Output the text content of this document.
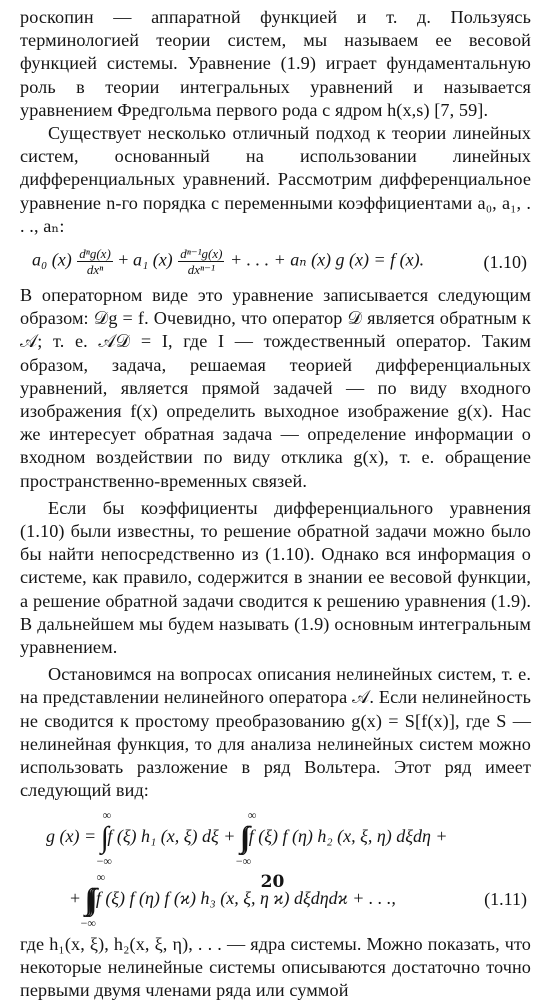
роскопин — аппаратной функцией и т. д. Пользуясь терминологией теории систем, мы называем ее весовой функцией системы. Уравнение (1.9) играет фундаментальную роль в теории интегральных уравнений и называется уравнением Фредгольма первого рода с ядром h(x,s) [7, 59].

Существует несколько отличный подход к теории линейных систем, основанный на использовании линейных дифференциальных уравнений. Рассмотрим дифференциальное уравнение n-го порядка с переменными коэффициентами a₀, a₁, . . ., aₙ:

a₀ $(x) \frac{\text{dⁿg(x)}}{\text{dxⁿ}} + a_1$ $(x) \frac{\text{dⁿ⁻¹g(x)}}{\text{dxⁿ⁻¹}}$ + . . . + aₙ (x) g (x) = f (x).	(1.10)

В операторном виде это уравнение записывается следующим образом: 𝒟g = f. Очевидно, что оператор 𝒟 является обратным к 𝒜; т. е. 𝒜𝒟 = I, где I — тождественный оператор. Таким образом, задача, решаемая теорией дифференциальных уравнений, является прямой задачей — по виду входного изображения f(x) определить выходное изображение g(x). Нас же интересует обратная задача — определение информации о входном воздействии по виду отклика g(x), т. е. обращение пространственно-временных связей.

Если бы коэффициенты дифференциального уравнения (1.10) были известны, то решение обратной задачи можно было бы найти непосредственно из (1.10). Однако вся информация о системе, как правило, содержится в знании ее весовой функции, а решение обратной задачи сводится к решению уравнения (1.9). В дальнейшем мы будем называть (1.9) основным интегральным уравнением.

Остановимся на вопросах описания нелинейных систем, т. е. на представлении нелинейного оператора 𝒜. Если нелинейность не сводится к простому преобразованию g(x) = S[f(x)], где S — нелинейная функция, то для анализа нелинейных систем можно использовать разложение в ряд Вольтера. Этот ряд имеет следующий вид:

g (x) = ∫
∞
−∞
f (ξ) h₁ (x, ξ) dξ + ∫∫
∞
−∞
f (ξ) f (η) h₂ (x, ξ, η) dξdη +
+ ∫∫∫
∞
−∞
f (ξ) f (η) f (ϰ) h₃ (x, ξ, η ϰ) dξdηdϰ + . . .,	(1.11)

где h₁(x, ξ), h₂(x, ξ, η), . . . — ядра системы. Можно показать, что некоторые нелинейные системы описываются достаточно точно первыми двумя членами ряда или суммой

20
